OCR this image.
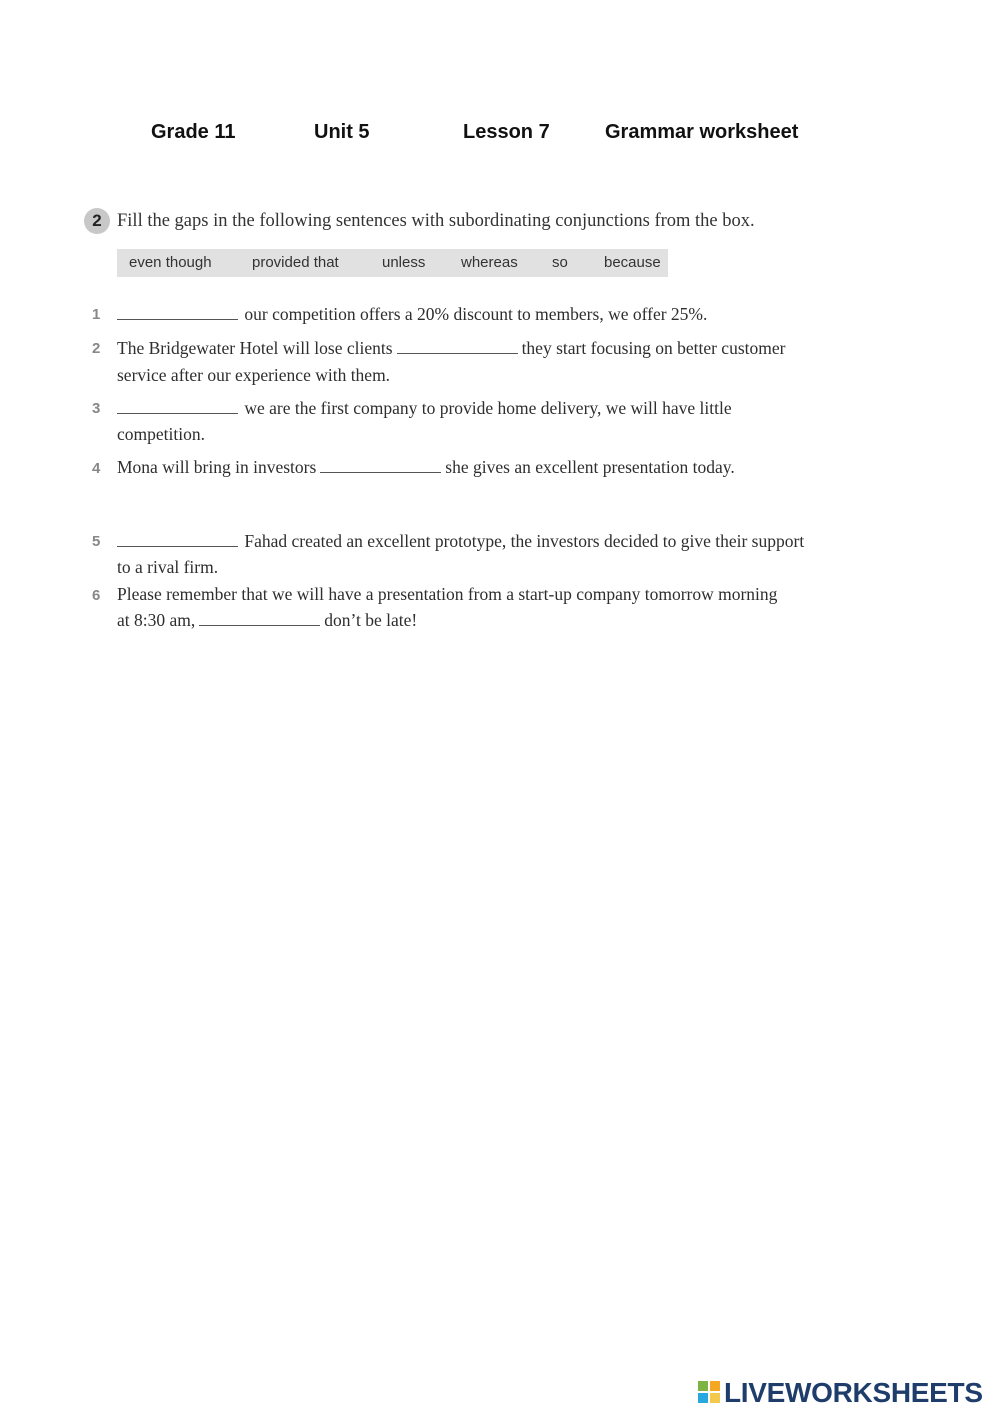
Grade 11	Unit 5	Lesson 7	Grammar worksheet
2 Fill the gaps in the following sentences with subordinating conjunctions from the box.
even though	provided that	unless whereas so because
1	our competition offers a 20% discount to members, we offer 25%.
2 The Bridgewater Hotel will lose clients	they start focusing on better customer
service after our experience with them.
3	we are the first company to provide home delivery, we will have little
competition.
4 Mona will bring in investors	she gives an excellent presentation today.
5	Fahad created an excellent prototype, the investors decided to give their support
to a rival firm.
6 Please remember that we will have a presentation from a start-up company tomorrow morning
at 8:30 am,	don’t be late!
LIVEWORKSHEETS
